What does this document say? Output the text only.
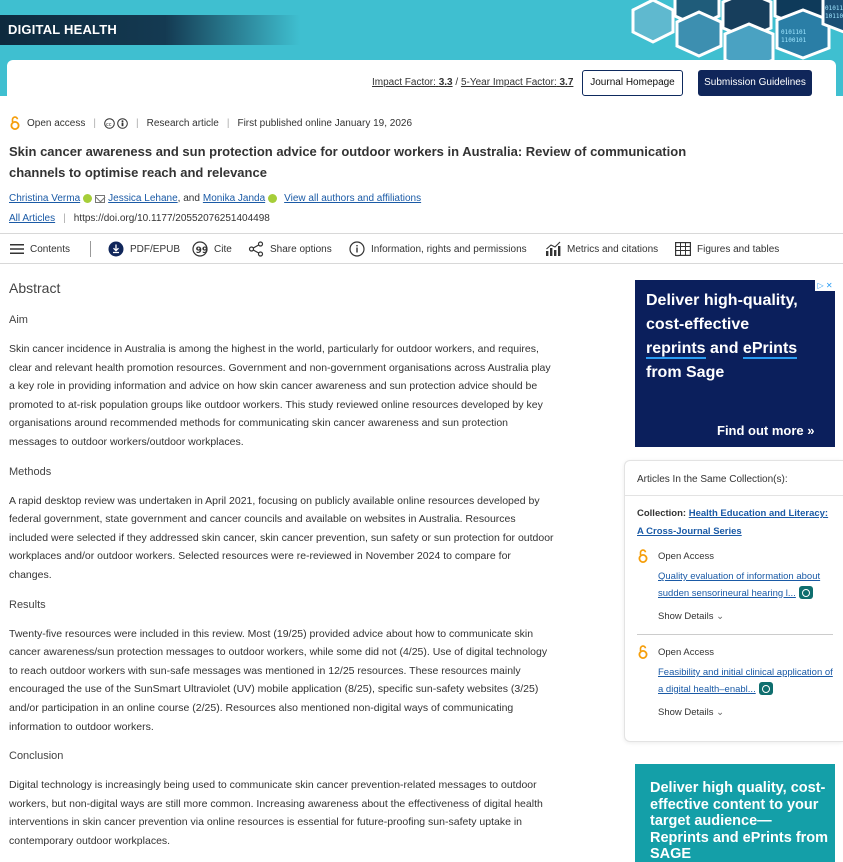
0101101
1100101
01011
10110
DIGITAL HEALTH
Impact Factor: 3.3 / 5-Year Impact Factor: 3.7	Journal Homepage	Submission Guidelines
Open access | cc | Research article | First published online January 19, 2026
Skin cancer awareness and sun protection advice for outdoor workers in Australia: Review of communication channels to optimise reach and relevance
Christina Verma	Jessica Lehane , and Monika Janda View all authors and affiliations
All Articles | https://doi.org/10.1177/20552076251404498
Contents	PDF/EPUB 99 Cite	Share options	Information, rights and permissions	Metrics and citations	Figures and tables
Abstract
Aim

Skin cancer incidence in Australia is among the highest in the world, particularly for outdoor workers, and requires, clear and relevant health promotion resources. Government and non-government organisations across Australia play a key role in providing information and advice on how skin cancer awareness and sun protection advice should be promoted to at-risk population groups like outdoor workers. This study reviewed online resources developed by key organisations around recommended methods for communicating skin cancer awareness and sun protection messages to outdoor workers/outdoor workplaces.

Methods

A rapid desktop review was undertaken in April 2021, focusing on publicly available online resources developed by federal government, state government and cancer councils and available on websites in Australia. Resources included were selected if they addressed skin cancer, skin cancer prevention, sun safety or sun protection for outdoor workplaces and/or outdoor workers. Selected resources were re-reviewed in November 2024 to compare for changes.

Results

Twenty-five resources were included in this review. Most (19/25) provided advice about how to communicate skin cancer awareness/sun protection messages to outdoor workers, while some did not (4/25). Use of digital technology to reach outdoor workers with sun-safe messages was mentioned in 12/25 resources. These resources mainly encouraged the use of the SunSmart Ultraviolet (UV) mobile application (8/25), specific sun-safety websites (3/25) and/or participation in an online course (2/25). Resources also mentioned non-digital ways of communicating information to outdoor workers.

Conclusion

Digital technology is increasingly being used to communicate skin cancer prevention-related messages to outdoor workers, but non-digital ways are still more common. Increasing awareness about the effectiveness of digital health interventions in skin cancer prevention via online resources is essential for future-proofing sun-safety uptake in contemporary outdoor workplaces.

▷ ✕
Deliver high-quality,
cost-effective
reprints and ePrints
from Sage
Find out more »
Articles In the Same Collection(s):
Collection: Health Education and Literacy: A Cross-Journal Series
Open Access
Quality evaluation of information about sudden sensorineural hearing l...
Show Details ⌄
Open Access
Feasibility and initial clinical application of a digital health–enabl...
Show Details ⌄
Deliver high quality, cost-effective content to your target audience—Reprints and ePrints from SAGE
